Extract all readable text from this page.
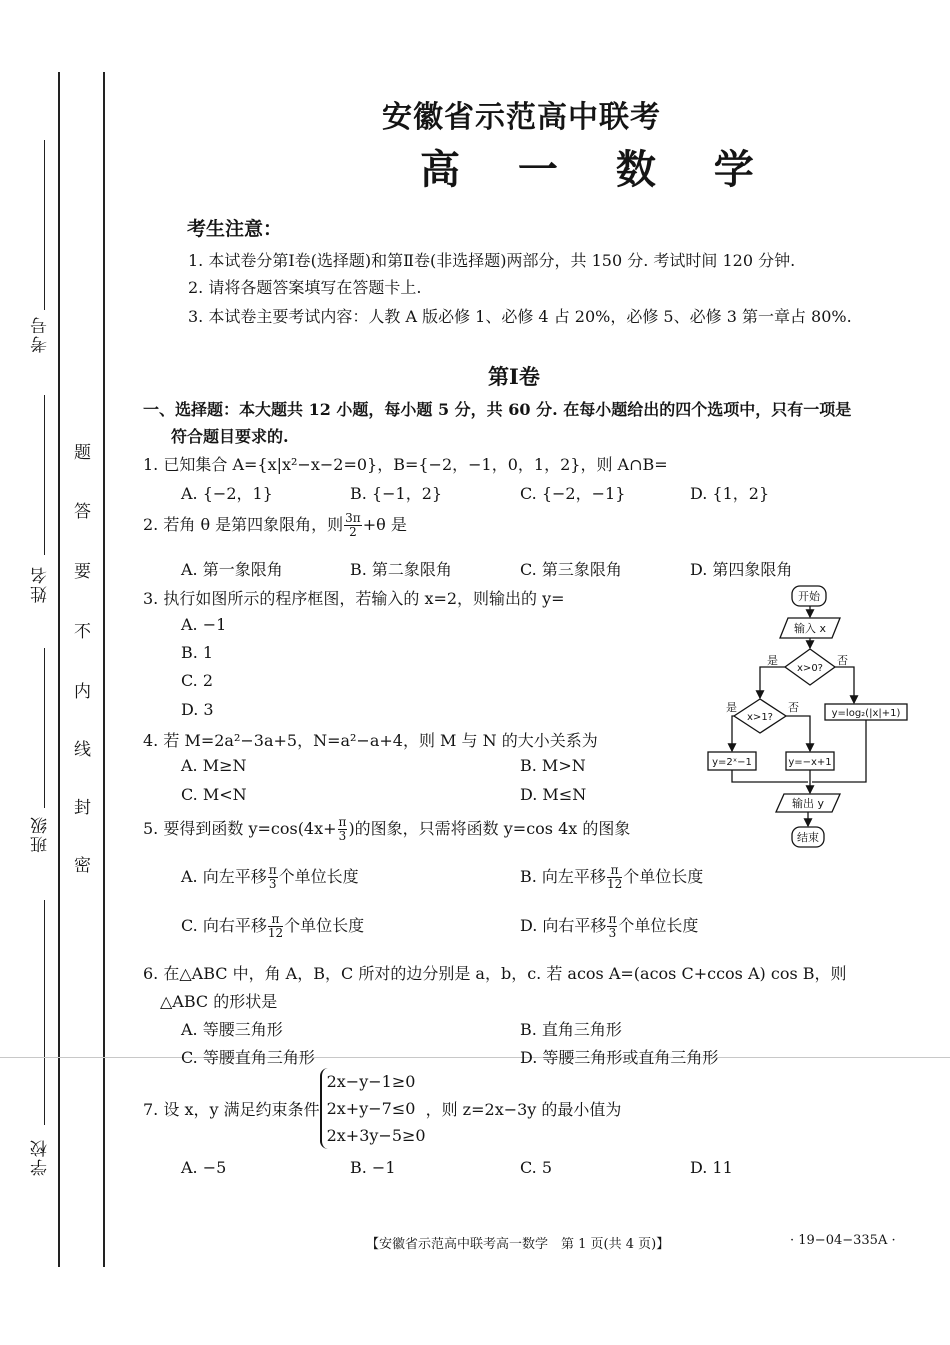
考号
姓名
班级
学校
题
答
要
不
内
线
封
密
安徽省示范高中联考
高 一 数 学
考生注意：
1. 本试卷分第Ⅰ卷(选择题)和第Ⅱ卷(非选择题)两部分，共 150 分. 考试时间 120 分钟.
2. 请将各题答案填写在答题卡上.
3. 本试卷主要考试内容：人教 A 版必修 1、必修 4 占 20%，必修 5、必修 3 第一章占 80%.
第Ⅰ卷
一、选择题：本大题共 12 小题，每小题 5 分，共 60 分. 在每小题给出的四个选项中，只有一项是
符合题目要求的.
1. 已知集合 A={x|x²−x−2=0}，B={−2，−1，0，1，2}，则 A∩B=
A. {−2，1}	B. {−1，2}	C. {−2，−1}	D. {1，2}
2. 若角 θ 是第四象限角，则 $\frac{3\pi}{2} +\theta$ 是
A. 第一象限角	B. 第二象限角	C. 第三象限角	D. 第四象限角
3. 执行如图所示的程序框图，若输入的 x=2，则输出的 y=
A. −1
B. 1
C. 2
D. 3
开始
输入 x
x>0?
x>1?	y=log₂(|x|+1)
y=2ˣ−1	y=−x+1
输出 y
结束
是	否
是	否
4. 若 M=2a²−3a+5，N=a²−a+4，则 M 与 N 的大小关系为
A. M≥N	B. M>N
C. M<N	D. M≤N
5. 要得到函数 $y=\cos(4x+ \frac{\pi}{3}$ )的图象，只需将函数 y=cos 4x 的图象
A. 向左平移 $\frac{\pi}{3}$ 个单位长度	B. 向左平移 $\frac{\pi}{12}$ 个单位长度
C. 向右平移 $\frac{\pi}{12}$ 个单位长度	D. 向右平移 $\frac{\pi}{3}$ 个单位长度
6. 在△ABC 中，角 A，B，C 所对的边分别是 a，b，c. 若 acos A=(acos C+ccos A) cos B，则
△ABC 的形状是
A. 等腰三角形	B. 直角三角形
C. 等腰直角三角形	D. 等腰三角形或直角三角形
7. 设 x，y 满足约束条件
2x−y−1≥0
2x+y−7≤0
2x+3y−5≥0
，则 z=2x−3y 的最小值为
A. −5	B. −1	C. 5	D. 11
【安徽省示范高中联考高一数学　第 1 页(共 4 页)】	· 19−04−335A ·
